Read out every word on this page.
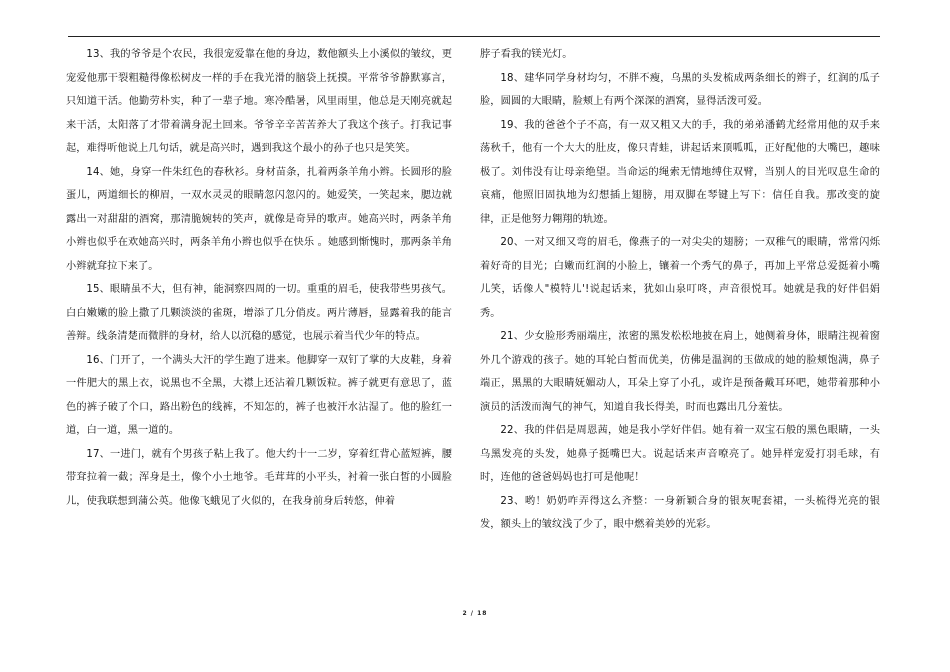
13、我的爷爷是个农民，我很宠爱靠在他的身边，数他额头上小溪似的皱纹，更宠爱他那干裂粗糙得像松树皮一样的手在我光滑的脑袋上抚摸。平常爷爷静默寡言，只知道干活。他勤劳朴实，种了一辈子地。寒冷酷暑，风里雨里，他总是天刚亮就起来干活，太阳落了才带着满身泥土回来。爷爷辛辛苦苦养大了我这个孩子。打我记事起，难得听他说上几句话，就是高兴时，遇到我这个最小的孙子也只是笑笑。

14、她，身穿一件朱红色的春秋衫。身材苗条，扎着两条羊角小辫。长圆形的脸蛋儿，两道细长的柳眉，一双水灵灵的眼睛忽闪忽闪的。她爱笑，一笑起来，腮边就露出一对甜甜的酒窝，那清脆婉转的笑声，就像是奇异的歌声。她高兴时，两条羊角小辫也似乎在欢她高兴时，两条羊角小辫也似乎在快乐 。她感到惭愧时，那两条羊角小辫就耷拉下来了。

15、眼睛虽不大，但有神，能洞察四周的一切。重重的眉毛，使我带些男孩气。白白嫩嫩的脸上撒了几颗淡淡的雀斑，增添了几分俏皮。两片薄唇，显露着我的能言善辩。线条清楚而微胖的身材，给人以沉稳的感觉，也展示着当代少年的特点。

16、门开了，一个满头大汗的学生跑了进来。他脚穿一双钉了掌的大皮鞋，身着一件肥大的黑上衣，说黑也不全黑，大襟上还沾着几颗饭粒。裤子就更有意思了，蓝色的裤子破了个口，路出粉色的线裤，不知怎的，裤子也被汗水沾湿了。他的脸红一道，白一道，黑一道的。

17、一进门，就有个男孩子粘上我了。他大约十一二岁，穿着红背心蓝短裤，腰带耷拉着一截；浑身是土，像个小土地爷。毛茸茸的小平头，衬着一张白皙的小圆脸儿，使我联想到蒲公英。他像飞蛾见了火似的，在我身前身后转悠，伸着

脖子看我的镁光灯。

18、建华同学身材均匀，不胖不瘦，乌黑的头发梳成两条细长的辫子，红润的瓜子脸，圆圆的大眼睛，脸颊上有两个深深的酒窝，显得活泼可爱。

19、我的爸爸个子不高，有一双又粗又大的手，我的弟弟潘鹤尤经常用他的双手来荡秋千，他有一个大大的肚皮，像只青蛙，讲起话来顶呱呱，正好配他的大嘴巴，趣味极了。刘伟没有让母亲绝望。当命运的绳索无情地缚住双臂，当别人的目光叹息生命的哀痛，他照旧固执地为幻想插上翅膀，用双脚在琴键上写下：信任自我。那改变的旋律，正是他努力翱翔的轨迹。

20、一对又细又弯的眉毛，像燕子的一对尖尖的翅膀；一双稚气的眼睛，常常闪烁着好奇的目光；白嫩而红润的小脸上，镶着一个秀气的鼻子，再加上平常总爱挺着小嘴儿笑，话像人"模特儿'!说起话来，犹如山泉叮咚，声音很悦耳。她就是我的好伴侣娟秀。

21、少女脸形秀丽端庄，浓密的黑发松松地披在肩上，她侧着身体，眼睛注视着窗外几个游戏的孩子。她的耳轮白皙而优美，仿佛是温润的玉做成的她的脸颊饱满，鼻子端正，黑黑的大眼睛妩媚动人，耳朵上穿了小孔，或许是预备戴耳环吧，她带着那种小演员的活泼而淘气的神气，知道自我长得美，时而也露出几分羞怯。

22、我的伴侣是周恩茜，她是我小学好伴侣。她有着一双宝石般的黑色眼睛，一头乌黑发亮的头发，她鼻子挺嘴巴大。说起话来声音嘹亮了。她异样宠爱打羽毛球，有时，连他的爸爸妈妈也打可是他呢！

23、哟！奶奶咋弄得这么齐整：一身新颖合身的银灰呢套裙，一头梳得光亮的银发，额头上的皱纹浅了少了，眼中燃着美妙的光彩。

2 / 18
